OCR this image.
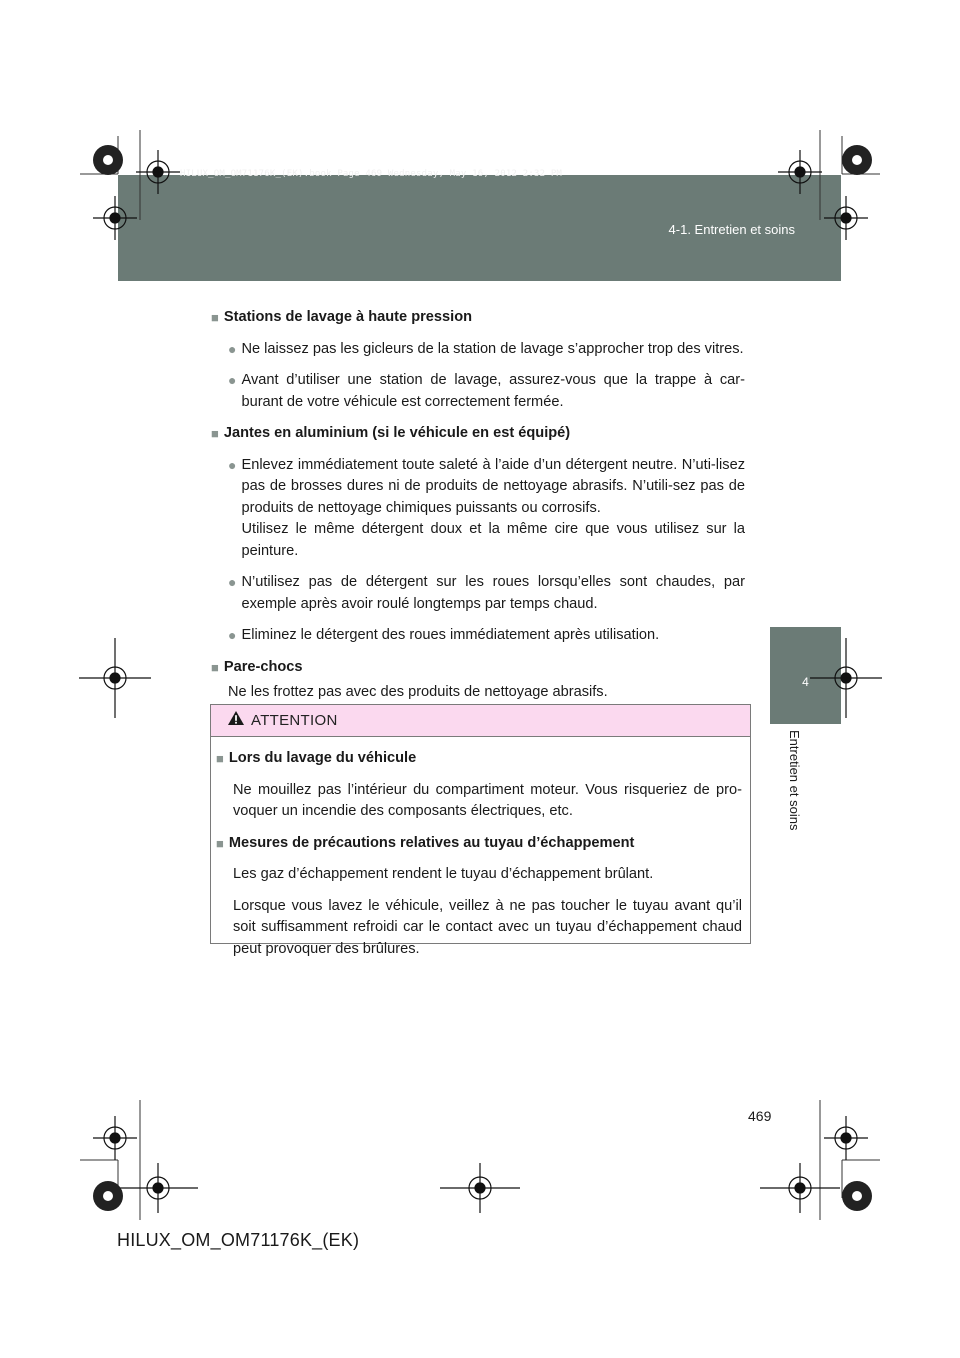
HILUX_OM_OM71176K_(EK).book Page 469 Wednesday, May 16, 2012 2:32 PM
4-1. Entretien et soins
4
Entretien et soins
■ Stations de lavage à haute pression
● Ne laissez pas les gicleurs de la station de lavage s’approcher trop des vitres.
● Avant d’utiliser une station de lavage, assurez-vous que la trappe à car-burant de votre véhicule est correctement fermée.
■ Jantes en aluminium (si le véhicule en est équipé)
● Enlevez immédiatement toute saleté à l’aide d’un détergent neutre. N’uti-lisez pas de brosses dures ni de produits de nettoyage abrasifs. N’utili-sez pas de produits de nettoyage chimiques puissants ou corrosifs.
Utilisez le même détergent doux et la même cire que vous utilisez sur la peinture.
● N’utilisez pas de détergent sur les roues lorsqu’elles sont chaudes, par exemple après avoir roulé longtemps par temps chaud.
● Eliminez le détergent des roues immédiatement après utilisation.
■ Pare-chocs
Ne les frottez pas avec des produits de nettoyage abrasifs.
ATTENTION
■ Lors du lavage du véhicule
Ne mouillez pas l’intérieur du compartiment moteur. Vous risqueriez de pro-voquer un incendie des composants électriques, etc.
■ Mesures de précautions relatives au tuyau d’échappement
Les gaz d’échappement rendent le tuyau d’échappement brûlant.
Lorsque vous lavez le véhicule, veillez à ne pas toucher le tuyau avant qu’il soit suffisamment refroidi car le contact avec un tuyau d’échappement chaud peut provoquer des brûlures.
469
HILUX_OM_OM71176K_(EK)
